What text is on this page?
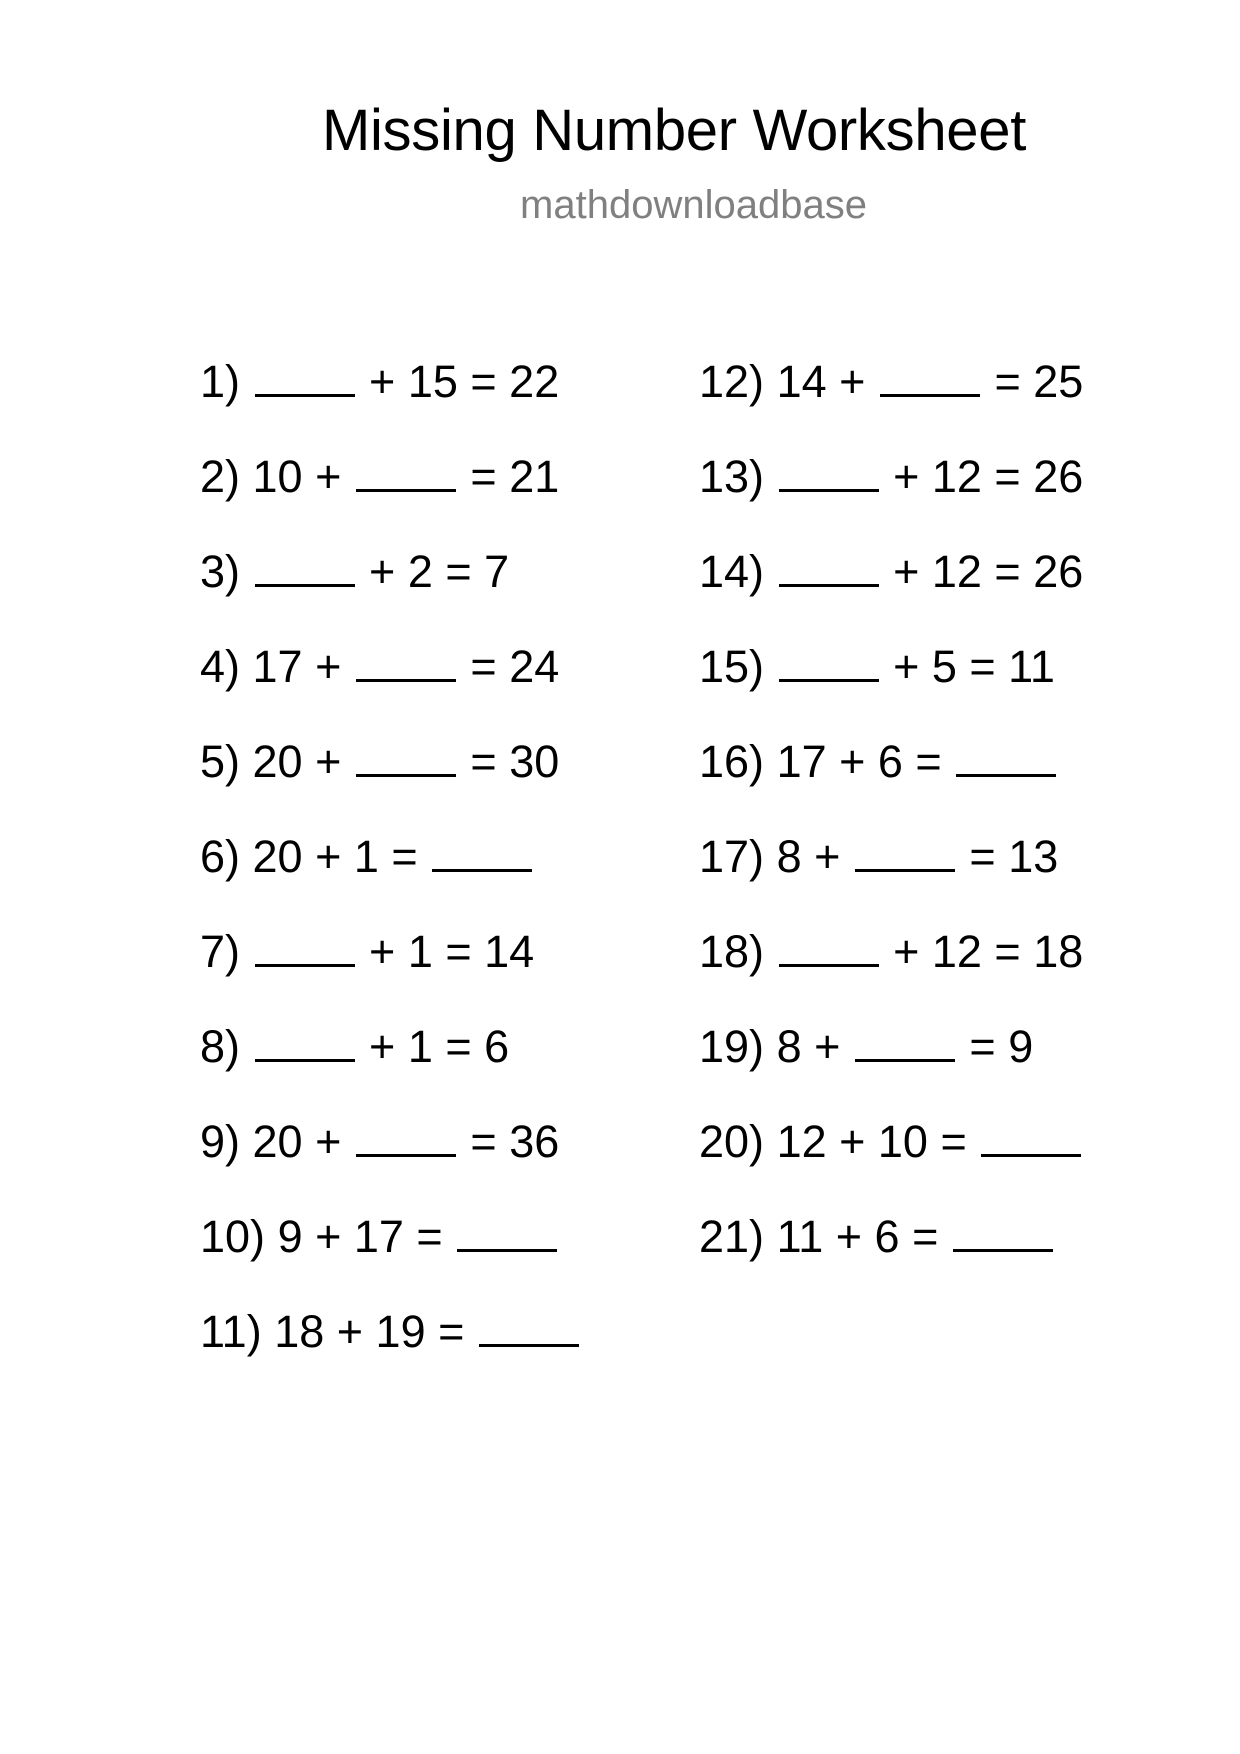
Missing Number Worksheet
mathdownloadbase
1)	+ 15 = 22
2) 10 +	= 21
3)	+ 2 = 7
4) 17 +	= 24
5) 20 +	= 30
6) 20 + 1 =
7)	+ 1 = 14
8)	+ 1 = 6
9) 20 +	= 36
10) 9 + 17 =
11) 18 + 19 =
12) 14 +	= 25
13)	+ 12 = 26
14)	+ 12 = 26
15)	+ 5 = 11
16) 17 + 6 =
17) 8 +	= 13
18)	+ 12 = 18
19) 8 +	= 9
20) 12 + 10 =
21) 11 + 6 =
